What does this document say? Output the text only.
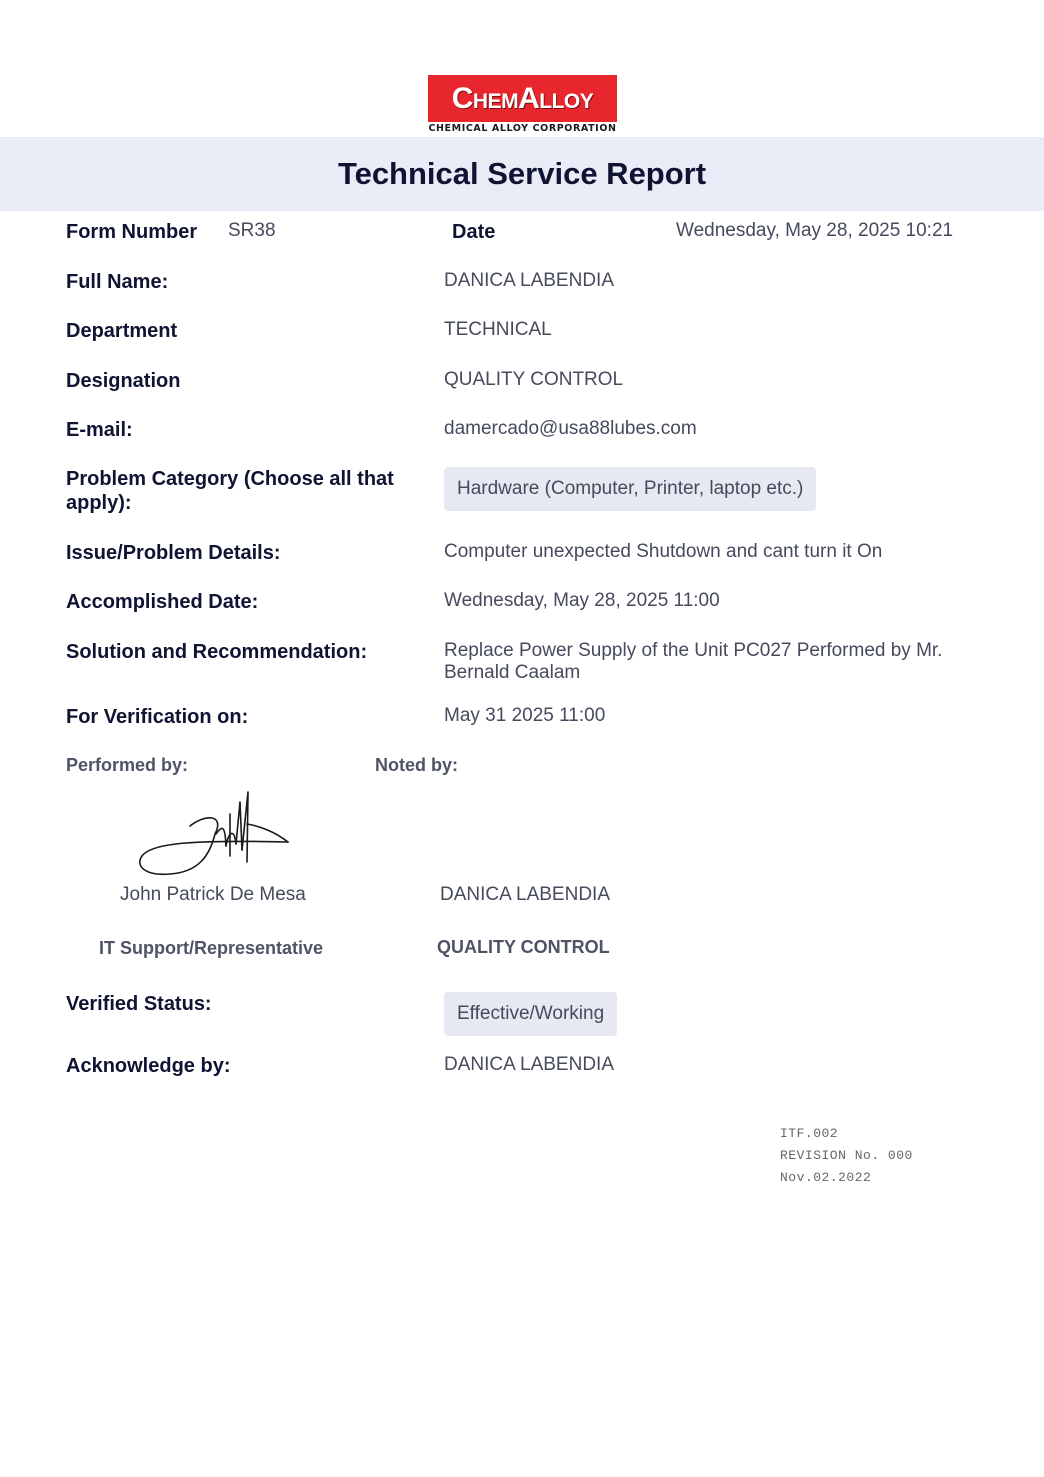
ChemAlloy
CHEMICAL ALLOY CORPORATION
Technical Service Report
Form Number SR38	Date	Wednesday, May 28, 2025 10:21
Full Name:	DANICA LABENDIA
Department	TECHNICAL
Designation	QUALITY CONTROL
E-mail:	damercado@usa88lubes.com
Problem Category (Choose all that apply):
Hardware (Computer, Printer, laptop etc.)
Issue/Problem Details:	Computer unexpected Shutdown and cant turn it On
Accomplished Date:	Wednesday, May 28, 2025 11:00
Solution and Recommendation:	Replace Power Supply of the Unit PC027 Performed by Mr. Bernald Caalam
For Verification on:	May 31 2025 11:00
Performed by:	Noted by:
John Patrick De Mesa	DANICA LABENDIA
IT Support/Representative	QUALITY CONTROL
Verified Status:	Effective/Working
Acknowledge by:	DANICA LABENDIA
ITF.002
REVISION No. 000
Nov.02.2022
